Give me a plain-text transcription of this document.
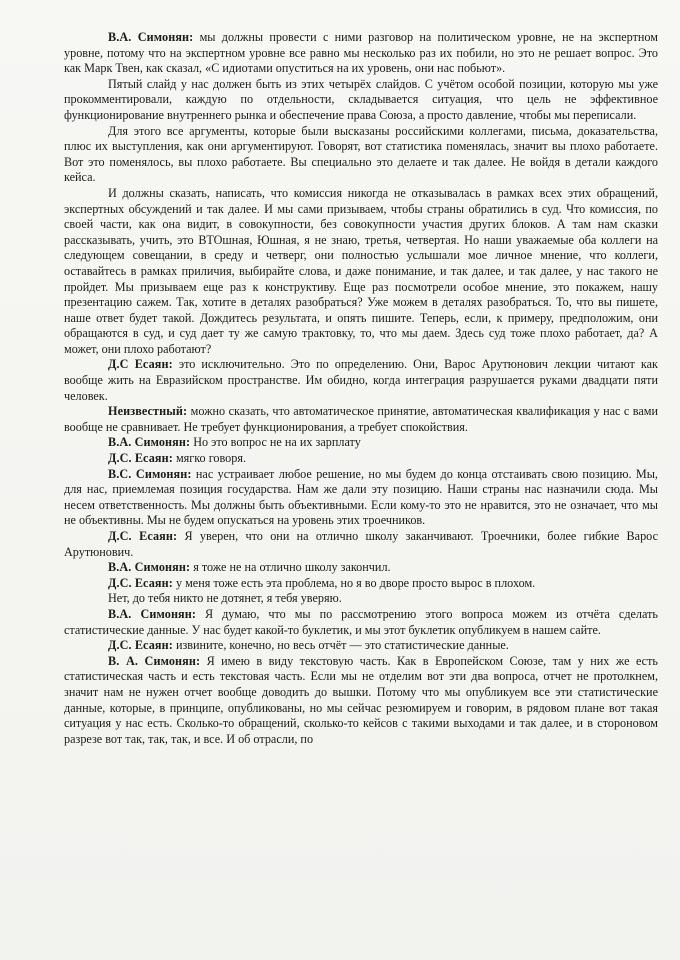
В.А. Симонян: мы должны провести с ними разговор на политическом уровне, не на экспертном уровне, потому что на экспертном уровне все равно мы несколько раз их побили, но это не решает вопрос. Это как Марк Твен, как сказал, «С идиотами опуститься на их уровень, они нас побьют».

Пятый слайд у нас должен быть из этих четырёх слайдов. С учётом особой позиции, которую мы уже прокомментировали, каждую по отдельности, складывается ситуация, что цель не эффективное функционирование внутреннего рынка и обеспечение права Союза, а просто давление, чтобы мы переписали.

Для этого все аргументы, которые были высказаны российскими коллегами, письма, доказательства, плюс их выступления, как они аргументируют. Говорят, вот статистика поменялась, значит вы плохо работаете. Вот это поменялось, вы плохо работаете. Вы специально это делаете и так далее. Не войдя в детали каждого кейса.

И должны сказать, написать, что комиссия никогда не отказывалась в рамках всех этих обращений, экспертных обсуждений и так далее. И мы сами призываем, чтобы страны обратились в суд. Что комиссия, по своей части, как она видит, в совокупности, без совокупности участия других блоков. А там нам сказки рассказывать, учить, это ВТОшная, Юшная, я не знаю, третья, четвертая. Но наши уважаемые оба коллеги на следующем совещании, в среду и четверг, они полностью услышали мое личное мнение, что коллеги, оставайтесь в рамках приличия, выбирайте слова, и даже понимание, и так далее, и так далее, у нас такого не пройдет. Мы призываем еще раз к конструктиву. Еще раз посмотрели особое мнение, это покажем, нашу презентацию сажем. Так, хотите в деталях разобраться? Уже можем в деталях разобраться. То, что вы пишете, наше ответ будет такой. Дождитесь результата, и опять пишите. Теперь, если, к примеру, предположим, они обращаются в суд, и суд дает ту же самую трактовку, то, что мы даем. Здесь суд тоже плохо работает, да? А может, они плохо работают?

Д.С Есаян: это исключительно. Это по определению. Они, Варос Арутюнович лекции читают как вообще жить на Евразийском пространстве. Им обидно, когда интеграция разрушается руками двадцати пяти человек.

Неизвестный: можно сказать, что автоматическое принятие, автоматическая квалификация у нас с вами вообще не сравнивает. Не требует функционирования, а требует спокойствия.

В.А. Симонян: Но это вопрос не на их зарплату

Д.С. Есаян: мягко говоря.

В.С. Симонян: нас устраивает любое решение, но мы будем до конца отстаивать свою позицию. Мы, для нас, приемлемая позиция государства. Нам же дали эту позицию. Наши страны нас назначили сюда. Мы несем ответственность. Мы должны быть объективными. Если кому-то это не нравится, это не означает, что мы не объективны. Мы не будем опускаться на уровень этих троечников.

Д.С. Есаян: Я уверен, что они на отлично школу заканчивают. Троечники, более гибкие Варос Арутюнович.

В.А. Симонян: я тоже не на отлично школу закончил.

Д.С. Есаян: у меня тоже есть эта проблема, но я во дворе просто вырос в плохом.

Нет, до тебя никто не дотянет, я тебя уверяю.

В.А. Симонян: Я думаю, что мы по рассмотрению этого вопроса можем из отчёта сделать статистические данные. У нас будет какой-то буклетик, и мы этот буклетик опубликуем в нашем сайте.

Д.С. Есаян: извините, конечно, но весь отчёт — это статистические данные.

В. А. Симонян: Я имею в виду текстовую часть. Как в Европейском Союзе, там у них же есть статистическая часть и есть текстовая часть. Если мы не отделим вот эти два вопроса, отчет не протолкнем, значит нам не нужен отчет вообще доводить до вышки. Потому что мы опубликуем все эти статистические данные, которые, в принципе, опубликованы, но мы сейчас резюмируем и говорим, в рядовом плане вот такая ситуация у нас есть. Сколько-то обращений, сколько-то кейсов с такими выходами и так далее, и в стороновом разрезе вот так, так, так, и все. И об отрасли, по
